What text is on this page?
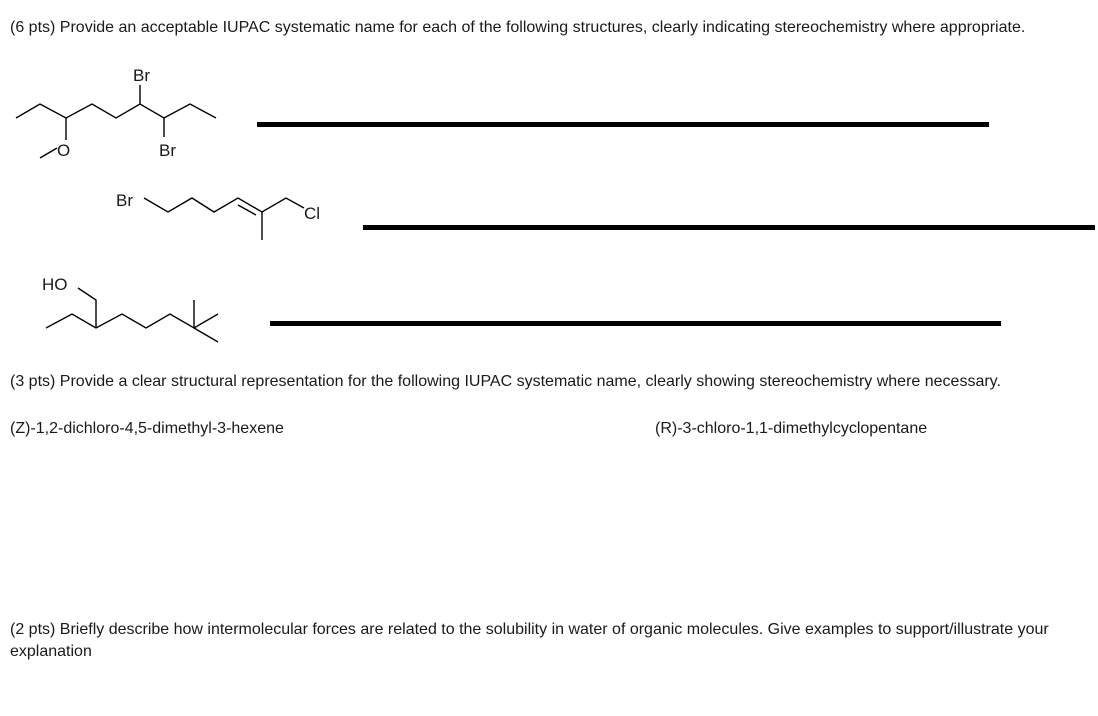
(6 pts) Provide an acceptable IUPAC systematic name for each of the following structures, clearly indicating stereochemistry where appropriate.
Br
Br
O
Br
Cl
HO
(3 pts) Provide a clear structural representation for the following IUPAC systematic name, clearly showing stereochemistry where necessary.
(Z)-1,2-dichloro-4,5-dimethyl-3-hexene	(R)-3-chloro-1,1-dimethylcyclopentane
(2 pts) Briefly describe how intermolecular forces are related to the solubility in water of organic molecules. Give examples to support/illustrate your explanation
